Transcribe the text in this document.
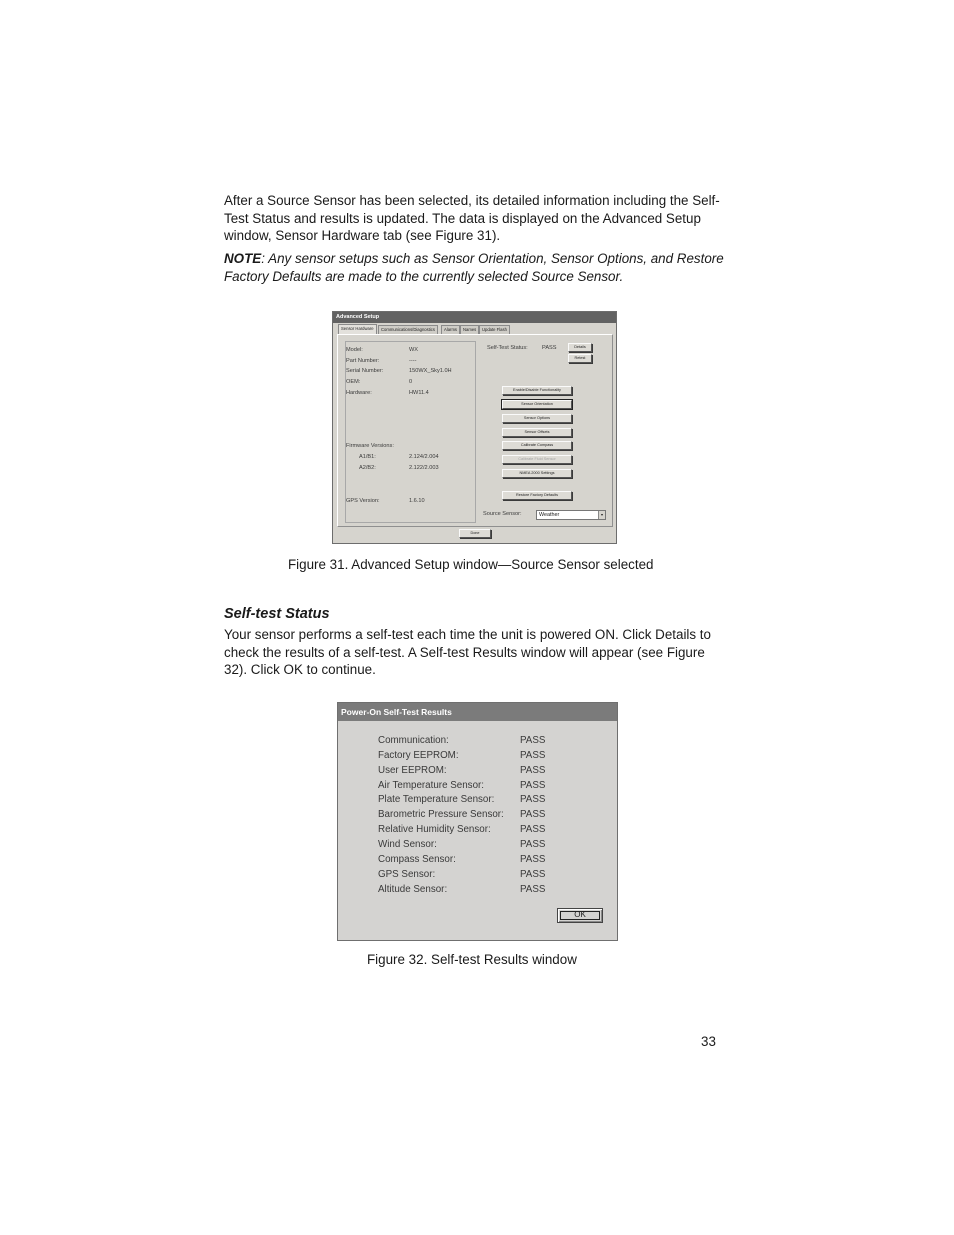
After a Source Sensor has been selected, its detailed information including the Self-Test Status and results is updated. The data is displayed on the Advanced Setup window, Sensor Hardware tab (see Figure 31).

NOTE: Any sensor setups such as Sensor Orientation, Sensor Options, and Restore Factory Defaults are made to the currently selected Source Sensor.

Advanced Setup
Sensor Hardware	Communications/Diagnostics	Alarms	Names	Update Flash
Model:	WX
Part Number:	----
Serial Number:	150WX_Sky1.0H
OEM:	0
Hardware:	HW11.4
Firmware Versions:
A1/B1:	2.124/2.004
A2/B2:	2.122/2.003
GPS Version:	1.6.10
Self-Test Status:	PASS	Details
Retest
Enable/Disable Functionality
Sensor Orientation
Sensor Options
Sensor Offsets
Calibrate Compass
Calibrate Fluid Sensor
NMEA 2000 Settings
Restore Factory Defaults
Source Sensor:	Weather	▾
Done

Figure 31. Advanced Setup window—Source Sensor selected

Self-test Status

Your sensor performs a self-test each time the unit is powered ON. Click Details to check the results of a self-test. A Self-test Results window will appear (see Figure 32). Click OK to continue.

Power-On Self-Test Results
Communication:	PASS
Factory EEPROM:	PASS
User EEPROM:	PASS
Air Temperature Sensor:	PASS
Plate Temperature Sensor:	PASS
Barometric Pressure Sensor: PASS
Relative Humidity Sensor:	PASS
Wind Sensor:	PASS
Compass Sensor:	PASS
GPS Sensor:	PASS
Altitude Sensor:	PASS
OK

Figure 32. Self-test Results window

33
